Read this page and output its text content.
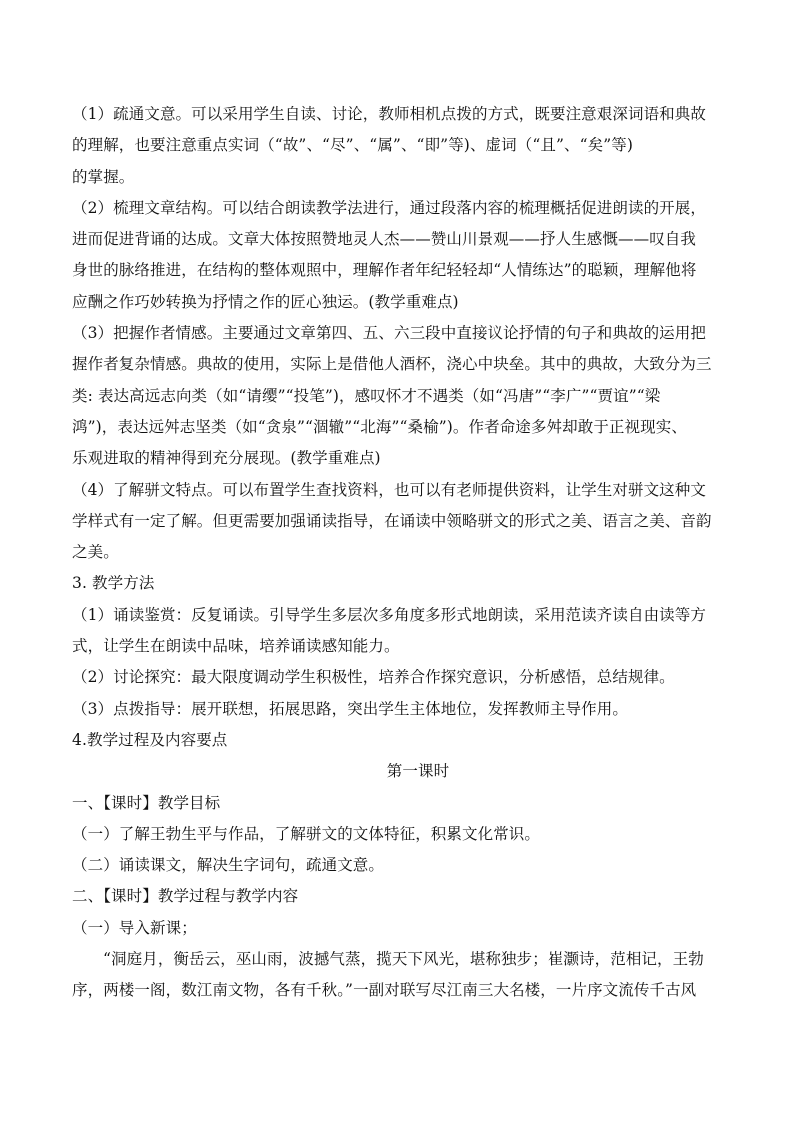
（1）疏通文意。可以采用学生自读、讨论，教师相机点拨的方式，既要注意艰深词语和典故
的理解，也要注意重点实词（“故”、“尽”、“属”、“即”等)、虚词（“且”、“矣”等)
的掌握。
（2）梳理文章结构。可以结合朗读教学法进行，通过段落内容的梳理概括促进朗读的开展，
进而促进背诵的达成。文章大体按照赞地灵人杰——赞山川景观——抒人生感慨——叹自我
身世的脉络推进，在结构的整体观照中，理解作者年纪轻轻却“人情练达”的聪颖，理解他将
应酬之作巧妙转换为抒情之作的匠心独运。(教学重难点)
（3）把握作者情感。主要通过文章第四、五、六三段中直接议论抒情的句子和典故的运用把
握作者复杂情感。典故的使用，实际上是借他人酒杯，浇心中块垒。其中的典故，大致分为三
类: 表达高远志向类（如“请缨”“投笔”)，感叹怀才不遇类（如“冯唐”“李广”“贾谊”“梁
鸿”)，表达远舛志坚类（如“贪泉”“涸辙”“北海”“桑榆”)。作者命途多舛却敢于正视现实、
乐观进取的精神得到充分展现。(教学重难点)
（4）了解骈文特点。可以布置学生查找资料，也可以有老师提供资料，让学生对骈文这种文
学样式有一定了解。但更需要加强诵读指导，在诵读中领略骈文的形式之美、语言之美、音韵
之美。
3. 教学方法
（1）诵读鉴赏：反复诵读。引导学生多层次多角度多形式地朗读，采用范读齐读自由读等方
式，让学生在朗读中品味，培养诵读感知能力。
（2）讨论探究：最大限度调动学生积极性，培养合作探究意识，分析感悟，总结规律。
（3）点拨指导：展开联想，拓展思路，突出学生主体地位，发挥教师主导作用。
4.教学过程及内容要点
第一课时
一、【课时】教学目标
（一）了解王勃生平与作品，了解骈文的文体特征，积累文化常识。
（二）诵读课文，解决生字词句，疏通文意。
二、【课时】教学过程与教学内容
（一）导入新课；
“洞庭月，衡岳云，巫山雨，波撼气蒸，揽天下风光，堪称独步；崔灏诗，范相记，王勃
序，两楼一阁，数江南文物，各有千秋。”一副对联写尽江南三大名楼，一片序文流传千古风
